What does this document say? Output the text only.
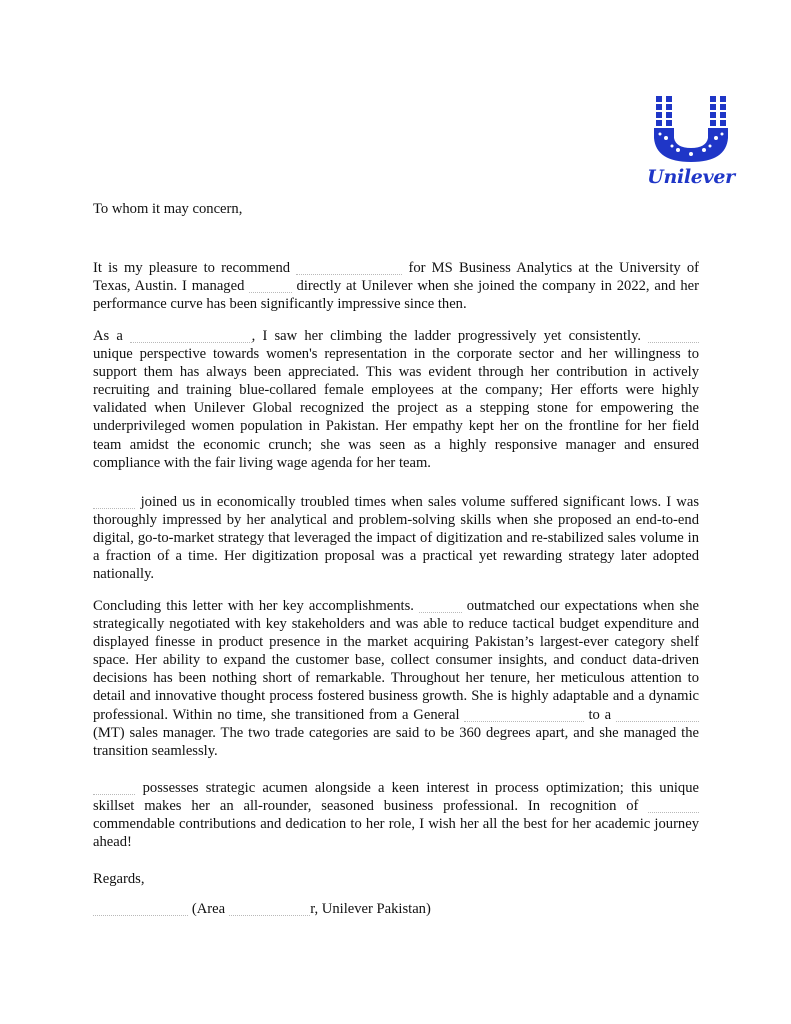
Unilever
To whom it may concern,

It is my pleasure to recommend	for MS Business Analytics at the University of Texas, Austin. I managed	directly at Unilever when she joined the company in 2022, and her performance curve has been significantly impressive since then.

As a	, I saw her climbing the ladder progressively yet consistently.  unique perspective towards women's representation in the corporate sector and her willingness to support them has always been appreciated. This was evident through her contribution in actively recruiting and training blue-collared female employees at the company; Her efforts were highly validated when Unilever Global recognized the project as a stepping stone for empowering the underprivileged women population in Pakistan. Her empathy kept her on the frontline for her field team amidst the economic crunch; she was seen as a highly responsive manager and ensured compliance with the fair living wage agenda for her team.

joined us in economically troubled times when sales volume suffered significant lows. I was thoroughly impressed by her analytical and problem-solving skills when she proposed an end-to-end digital, go-to-market strategy that leveraged the impact of digitization and re-stabilized sales volume in a fraction of a time. Her digitization proposal was a practical yet rewarding strategy later adopted nationally.

Concluding this letter with her key accomplishments.	outmatched our expectations when she strategically negotiated with key stakeholders and was able to reduce tactical budget expenditure and displayed finesse in product presence in the market acquiring Pakistan’s largest-ever category shelf space. Her ability to expand the customer base, collect consumer insights, and conduct data-driven decisions has been nothing short of remarkable. Throughout her tenure, her meticulous attention to detail and innovative thought process fostered business growth. She is highly adaptable and a dynamic professional. Within no time, she transitioned from a General	to a  (MT) sales manager. The two trade categories are said to be 360 degrees apart, and she managed the transition seamlessly.

possesses strategic acumen alongside a keen interest in process optimization; this unique skillset makes her an all-rounder, seasoned business professional. In recognition of  commendable contributions and dedication to her role, I wish her all the best for her academic journey ahead!

Regards,
(Area	r, Unilever Pakistan)
